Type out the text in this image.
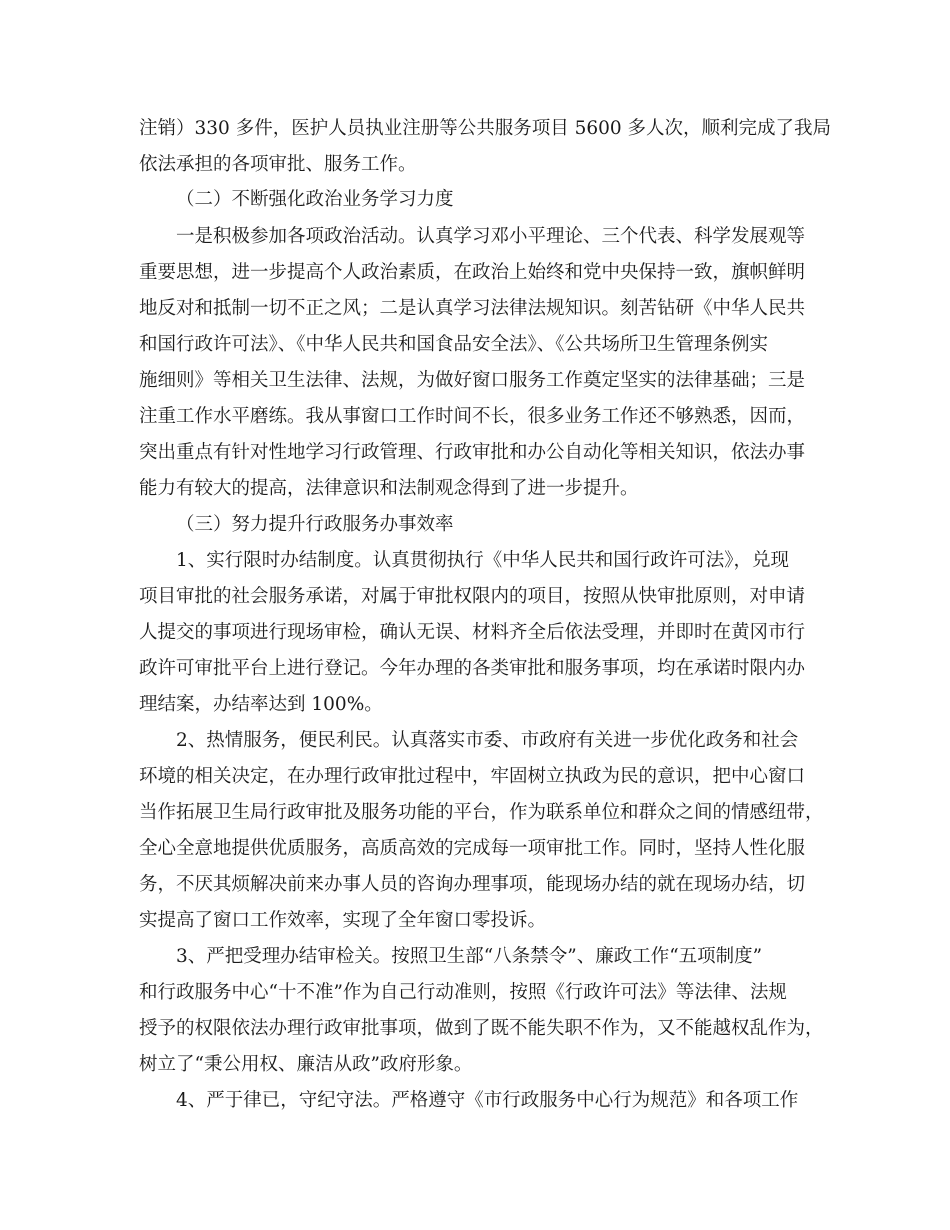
注销）330 多件，医护人员执业注册等公共服务项目 5600 多人次，顺利完成了我局

依法承担的各项审批、服务工作。

（二）不断强化政治业务学习力度

一是积极参加各项政治活动。认真学习邓小平理论、三个代表、科学发展观等

重要思想，进一步提高个人政治素质，在政治上始终和党中央保持一致，旗帜鲜明

地反对和抵制一切不正之风；二是认真学习法律法规知识。刻苦钻研《中华人民共

和国行政许可法》、《中华人民共和国食品安全法》、《公共场所卫生管理条例实

施细则》等相关卫生法律、法规，为做好窗口服务工作奠定坚实的法律基础；三是

注重工作水平磨练。我从事窗口工作时间不长，很多业务工作还不够熟悉，因而，

突出重点有针对性地学习行政管理、行政审批和办公自动化等相关知识，依法办事

能力有较大的提高，法律意识和法制观念得到了进一步提升。

（三）努力提升行政服务办事效率

1、实行限时办结制度。认真贯彻执行《中华人民共和国行政许可法》，兑现

项目审批的社会服务承诺，对属于审批权限内的项目，按照从快审批原则，对申请

人提交的事项进行现场审检，确认无误、材料齐全后依法受理，并即时在黄冈市行

政许可审批平台上进行登记。今年办理的各类审批和服务事项，均在承诺时限内办

理结案，办结率达到 100%。

2、热情服务，便民利民。认真落实市委、市政府有关进一步优化政务和社会

环境的相关决定，在办理行政审批过程中，牢固树立执政为民的意识，把中心窗口

当作拓展卫生局行政审批及服务功能的平台，作为联系单位和群众之间的情感纽带，

全心全意地提供优质服务，高质高效的完成每一项审批工作。同时，坚持人性化服

务，不厌其烦解决前来办事人员的咨询办理事项，能现场办结的就在现场办结，切

实提高了窗口工作效率，实现了全年窗口零投诉。

3、严把受理办结审检关。按照卫生部“八条禁令”、廉政工作“五项制度”

和行政服务中心“十不准”作为自己行动准则，按照《行政许可法》等法律、法规

授予的权限依法办理行政审批事项，做到了既不能失职不作为，又不能越权乱作为，

树立了“秉公用权、廉洁从政”政府形象。

4、严于律已，守纪守法。严格遵守《市行政服务中心行为规范》和各项工作
